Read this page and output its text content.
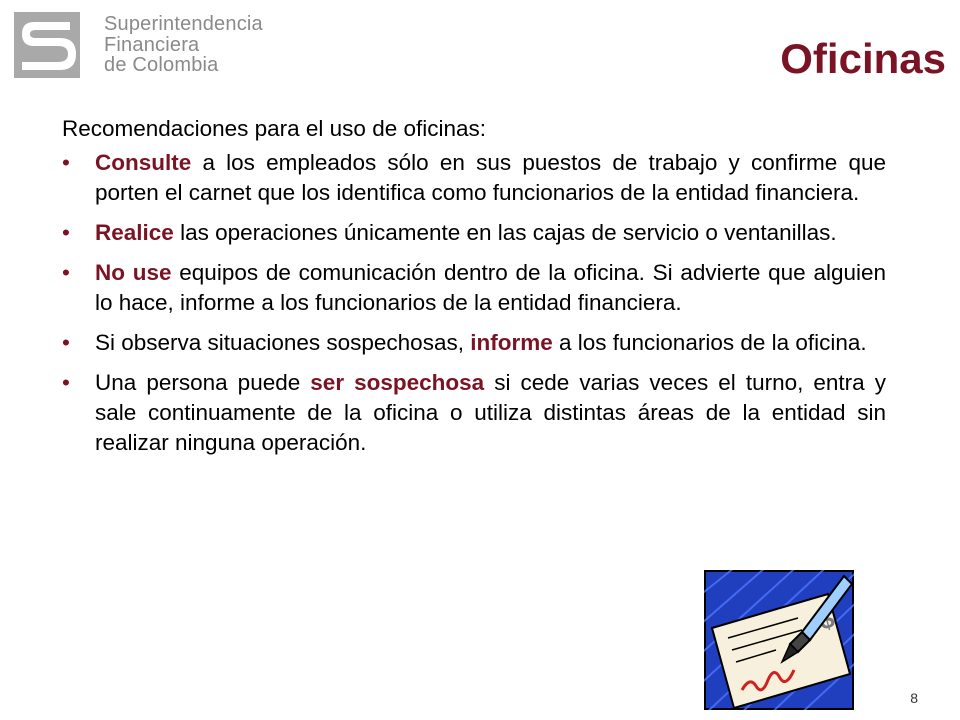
Superintendencia
Financiera
de Colombia	Oficinas
Recomendaciones para el uso de oficinas:
• Consulte a los empleados sólo en sus puestos de trabajo y confirme que porten el carnet que los identifica como funcionarios de la entidad financiera.
• Realice las operaciones únicamente en las cajas de servicio o ventanillas.
• No use equipos de comunicación dentro de la oficina. Si advierte que alguien lo hace, informe a los funcionarios de la entidad financiera.
• Si observa situaciones sospechosas, informe a los funcionarios de la oficina.
• Una persona puede ser sospechosa si cede varias veces el turno, entra y sale continuamente de la oficina o utiliza distintas áreas de la entidad sin realizar ninguna operación.
8
